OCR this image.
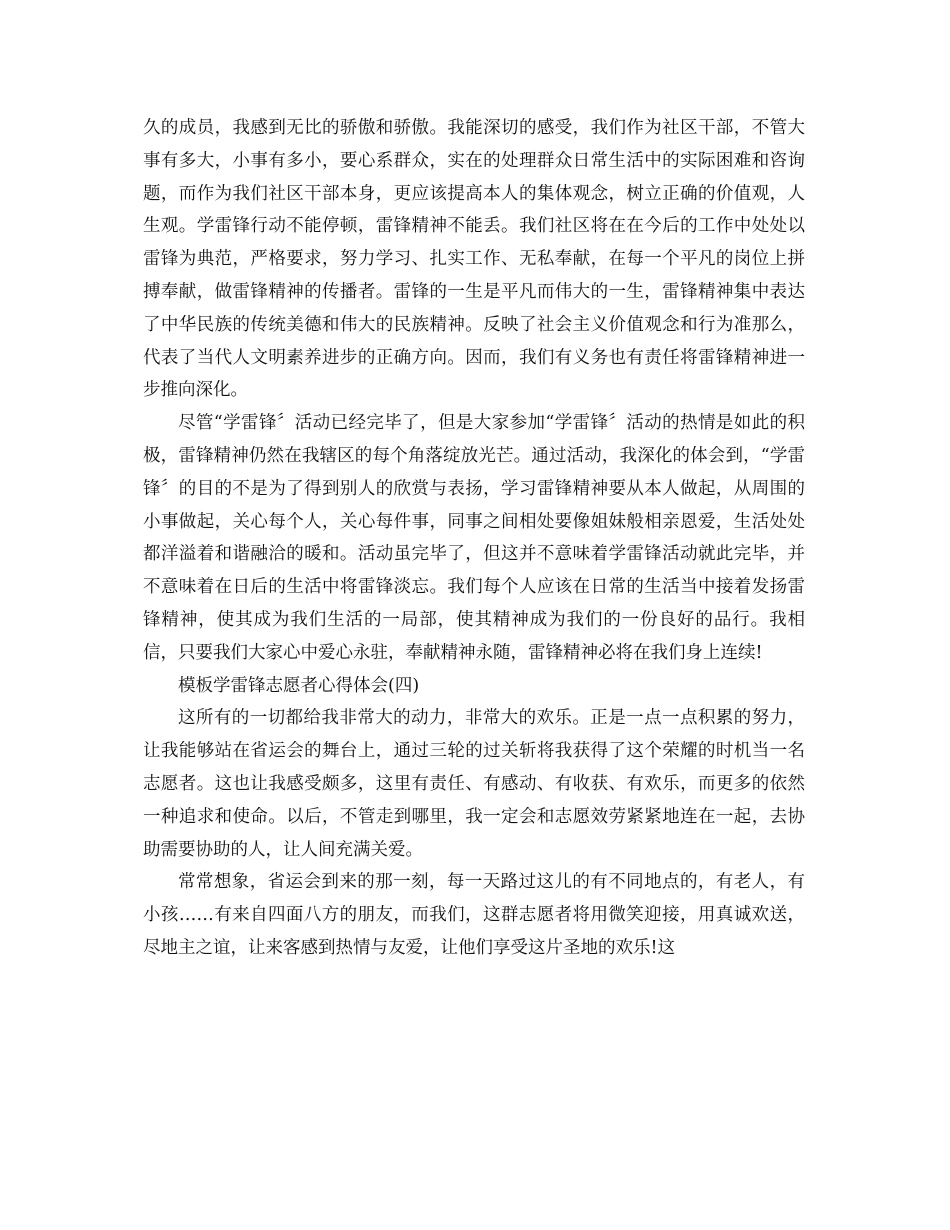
久的成员，我感到无比的骄傲和骄傲。我能深切的感受，我们作为社区干部，不管大事有多大，小事有多小，要心系群众，实在的处理群众日常生活中的实际困难和咨询题，而作为我们社区干部本身，更应该提高本人的集体观念，树立正确的价值观，人生观。学雷锋行动不能停顿，雷锋精神不能丢。我们社区将在在今后的工作中处处以雷锋为典范，严格要求，努力学习、扎实工作、无私奉献，在每一个平凡的岗位上拼搏奉献，做雷锋精神的传播者。雷锋的一生是平凡而伟大的一生，雷锋精神集中表达了中华民族的传统美德和伟大的民族精神。反映了社会主义价值观念和行为准那么，代表了当代人文明素养进步的正确方向。因而，我们有义务也有责任将雷锋精神进一步推向深化。

尽管“学雷锋〞活动已经完毕了，但是大家参加“学雷锋〞活动的热情是如此的积极，雷锋精神仍然在我辖区的每个角落绽放光芒。通过活动，我深化的体会到，“学雷锋〞的目的不是为了得到别人的欣赏与表扬，学习雷锋精神要从本人做起，从周围的小事做起，关心每个人，关心每件事，同事之间相处要像姐妹般相亲恩爱，生活处处都洋溢着和谐融洽的暖和。活动虽完毕了，但这并不意味着学雷锋活动就此完毕，并不意味着在日后的生活中将雷锋淡忘。我们每个人应该在日常的生活当中接着发扬雷锋精神，使其成为我们生活的一局部，使其精神成为我们的一份良好的品行。我相信，只要我们大家心中爱心永驻，奉献精神永随，雷锋精神必将在我们身上连续!

模板学雷锋志愿者心得体会(四)

这所有的一切都给我非常大的动力，非常大的欢乐。正是一点一点积累的努力，让我能够站在省运会的舞台上，通过三轮的过关斩将我获得了这个荣耀的时机当一名志愿者。这也让我感受颇多，这里有责任、有感动、有收获、有欢乐，而更多的依然一种追求和使命。以后，不管走到哪里，我一定会和志愿效劳紧紧地连在一起，去协助需要协助的人，让人间充满关爱。

常常想象，省运会到来的那一刻，每一天路过这儿的有不同地点的，有老人，有小孩……有来自四面八方的朋友，而我们，这群志愿者将用微笑迎接，用真诚欢送，尽地主之谊，让来客感到热情与友爱，让他们享受这片圣地的欢乐!这
